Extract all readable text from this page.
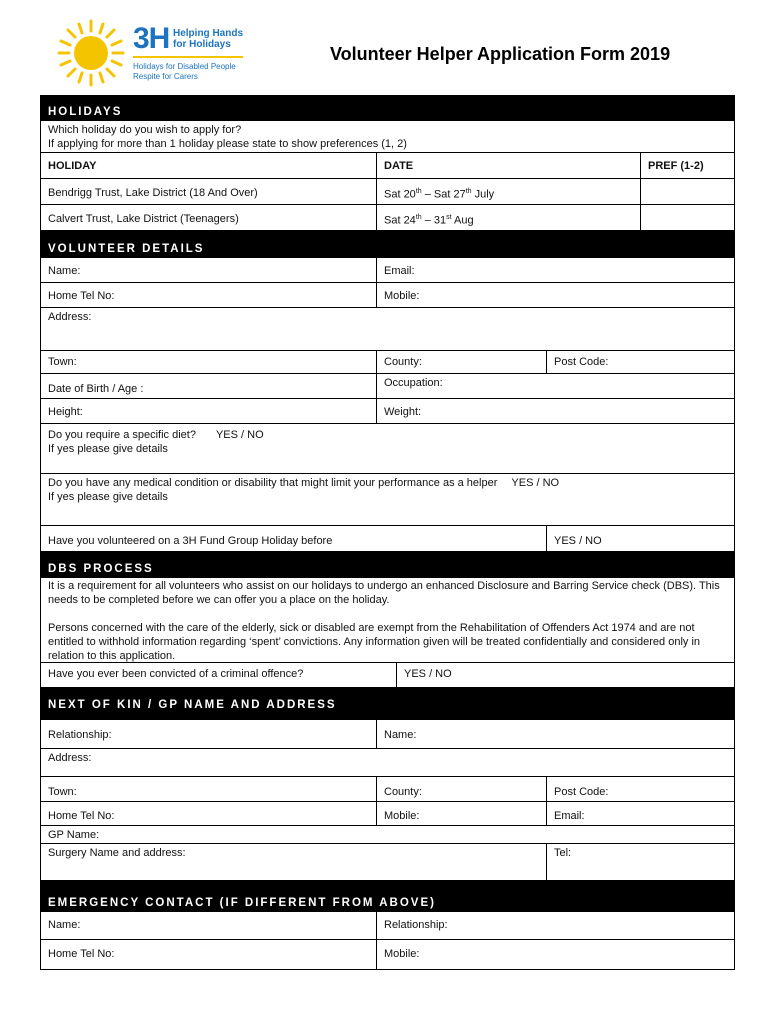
3H Helping Hands
for Holidays
Holidays for Disabled People
Respite for Carers
Volunteer Helper Application Form 2019
HOLIDAYS
Which holiday do you wish to apply for?
If applying for more than 1 holiday please state to show preferences (1, 2)
HOLIDAY	DATE	PREF (1-2)
Bendrigg Trust, Lake District (18 And Over)	Sat 20th – Sat 27th July
Calvert Trust, Lake District (Teenagers)	Sat 24th – 31st Aug
VOLUNTEER DETAILS
Name:	Email:
Home Tel No:	Mobile:
Address:
Town:	County:	Post Code:
Date of Birth / Age :	Occupation:
Height:	Weight:
Do you require a specific diet? YES / NO
If yes please give details
Do you have any medical condition or disability that might limit your performance as a helper YES / NO
If yes please give details
Have you volunteered on a 3H Fund Group Holiday before	YES / NO
DBS PROCESS
It is a requirement for all volunteers who assist on our holidays to undergo an enhanced Disclosure and Barring Service check (DBS). This needs to be completed before we can offer you a place on the holiday.
Persons concerned with the care of the elderly, sick or disabled are exempt from the Rehabilitation of Offenders Act 1974 and are not entitled to withhold information regarding ‘spent’ convictions. Any information given will be treated confidentially and considered only in relation to this application.
Have you ever been convicted of a criminal offence?	YES / NO
NEXT OF KIN / GP NAME AND ADDRESS
Relationship:	Name:
Address:
Town:	County:	Post Code:
Home Tel No:	Mobile:	Email:
GP Name:
Surgery Name and address:	Tel:
EMERGENCY CONTACT (IF DIFFERENT FROM ABOVE)
Name:	Relationship:
Home Tel No:	Mobile:
